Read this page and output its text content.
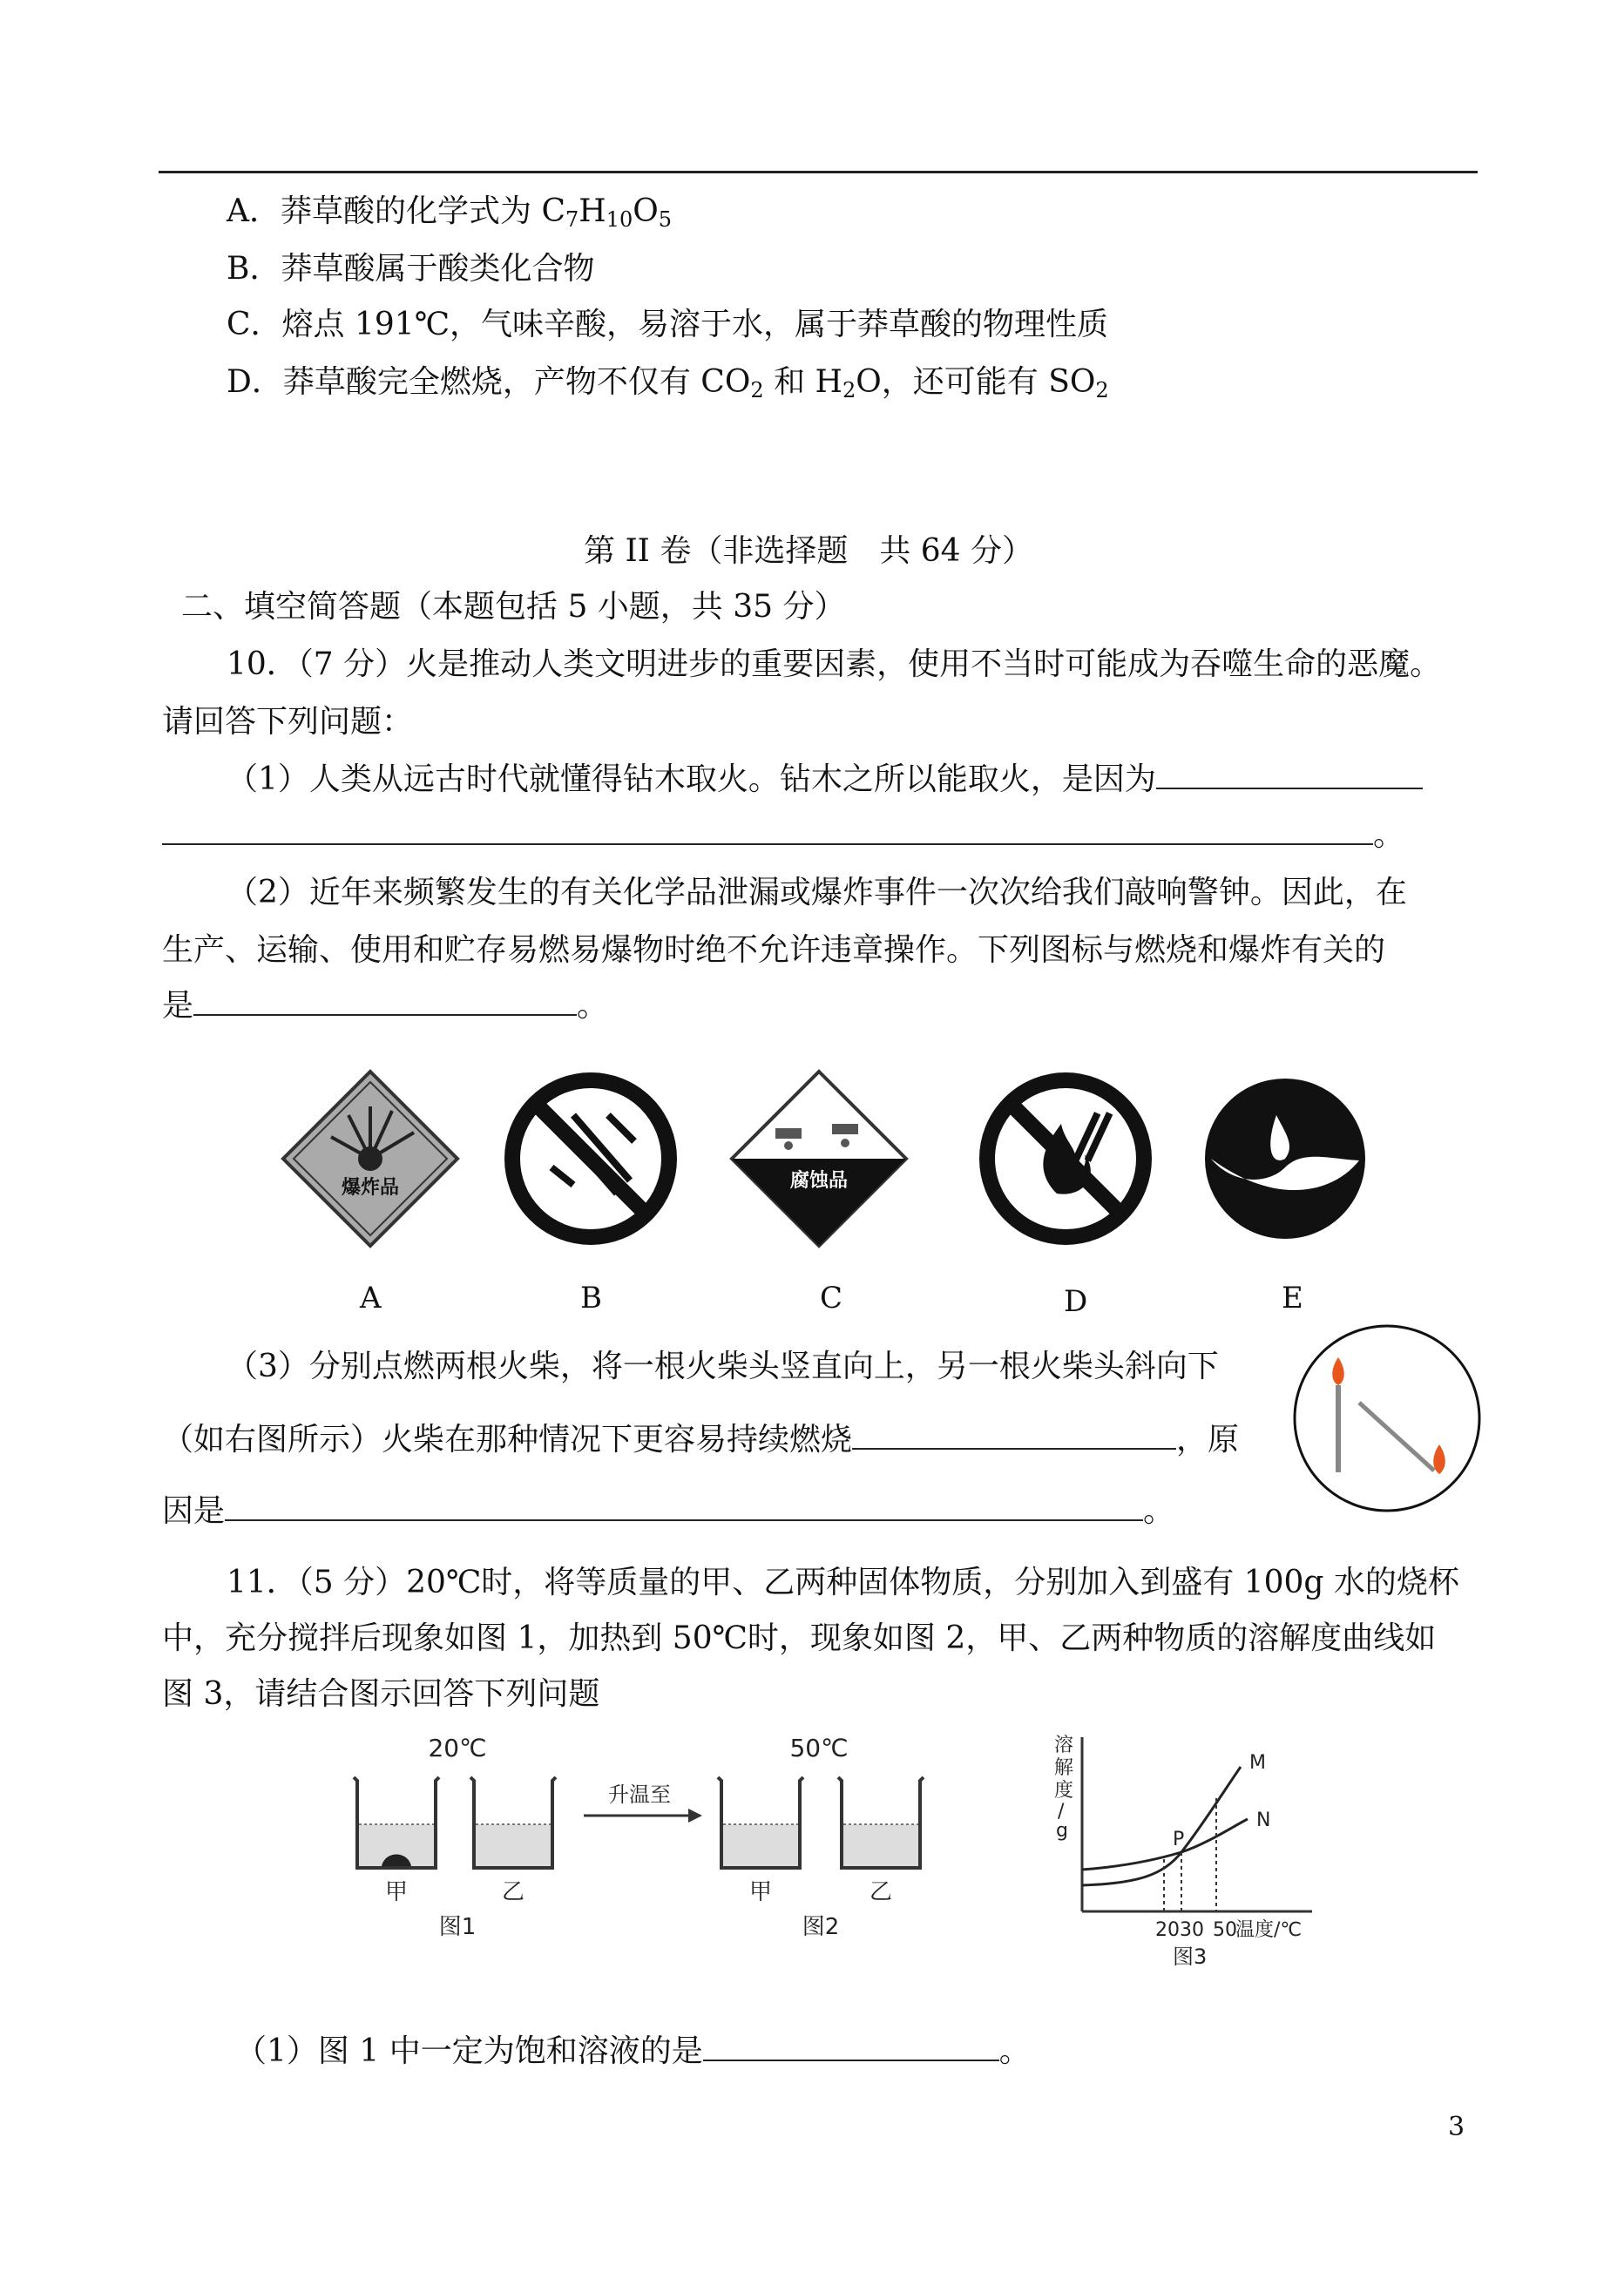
A．莽草酸的化学式为 $C_7H_{10}O_5$
B．莽草酸属于酸类化合物
C．熔点 191℃，气味辛酸，易溶于水，属于莽草酸的物理性质
D．莽草酸完全燃烧，产物不仅有 $CO_2$ 和 $H_2O$，还可能有 $SO_2$
第 II 卷（非选择题　共 64 分）
二、填空简答题（本题包括 5 小题，共 35 分）
10．（7 分）火是推动人类文明进步的重要因素，使用不当时可能成为吞噬生命的恶魔。
请回答下列问题：
（1）人类从远古时代就懂得钻木取火。钻木之所以能取火，是因为
。
（2）近年来频繁发生的有关化学品泄漏或爆炸事件一次次给我们敲响警钟。因此，在
生产、运输、使用和贮存易燃易爆物时绝不允许违章操作。下列图标与燃烧和爆炸有关的
是	。
爆炸品	腐蚀品
A	B	C	D	E
（3）分别点燃两根火柴，将一根火柴头竖直向上，另一根火柴头斜向下
（如右图所示）火柴在那种情况下更容易持续燃烧	，原
因是	。
11．（5 分）20℃时，将等质量的甲、乙两种固体物质，分别加入到盛有 100g 水的烧杯
中，充分搅拌后现象如图 1，加热到 50℃时，现象如图 2，甲、乙两种物质的溶解度曲线如
图 3，请结合图示回答下列问题
20℃	50℃
甲	乙
图1
升温至
甲	乙
图2
溶
解
度
/
g
M
N
P
2030 50
温度/℃
图3
（1）图 1 中一定为饱和溶液的是	。
3
